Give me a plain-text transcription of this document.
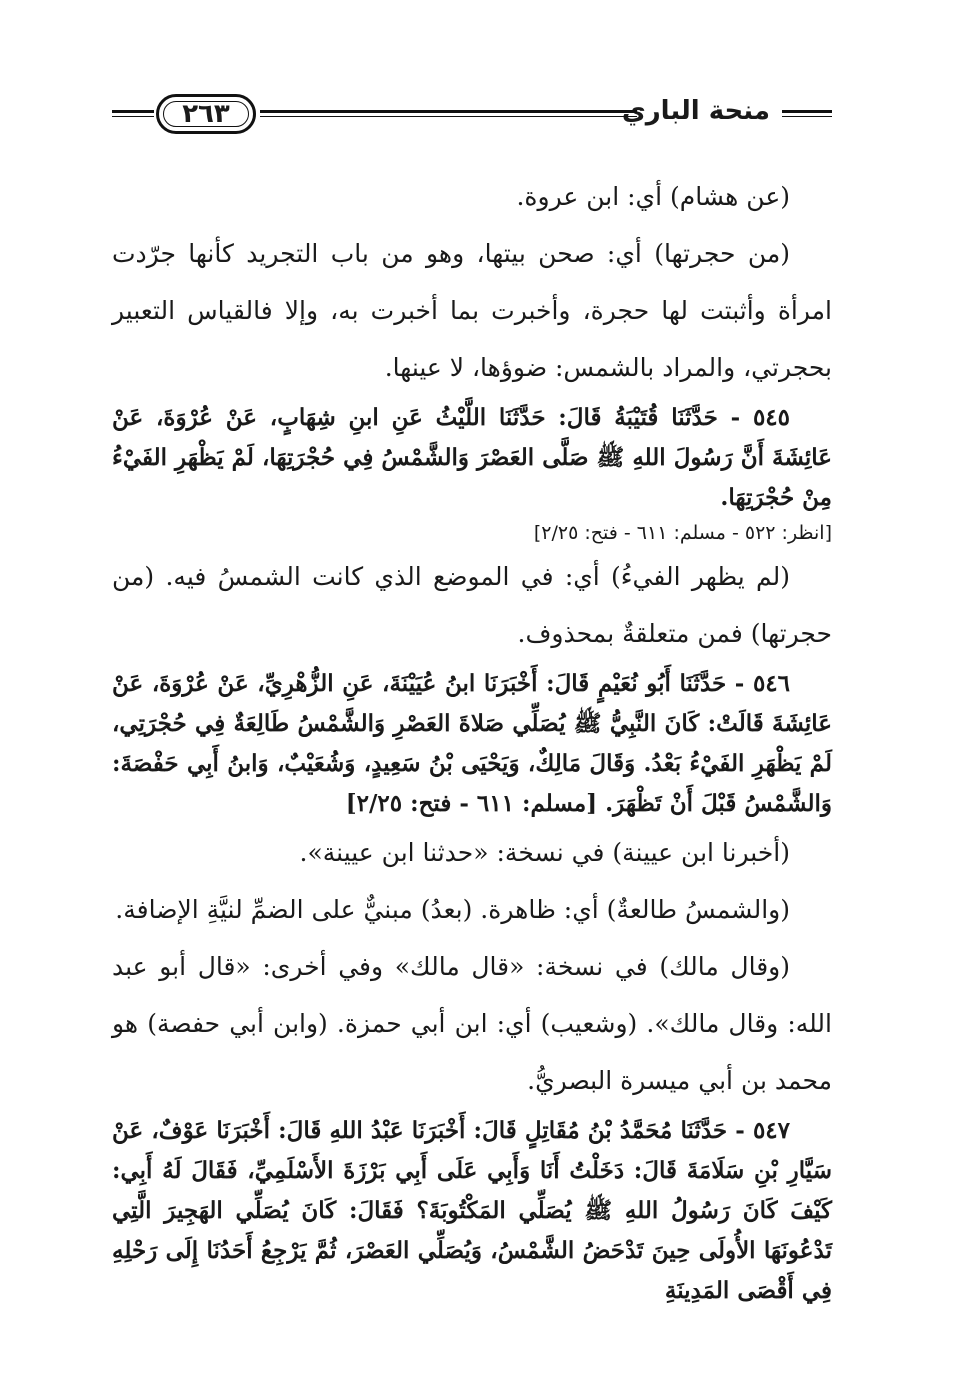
منحة الباري
٢٦٣

(عن هشام) أي: ابن عروة.

(من حجرتها) أي: صحن بيتها، وهو من باب التجريد كأنها جرّدت امرأة وأثبتت لها حجرة، وأخبرت بما أخبرت به، وإلا فالقياس التعبير بحجرتي، والمراد بالشمس: ضوؤها، لا عينها.

٥٤٥ - حَدَّثَنَا قُتَيْبَةُ قَالَ: حَدَّثَنَا اللَّيْثُ عَنِ ابنِ شِهَابٍ، عَنْ عُرْوَةَ، عَنْ عَائِشَةَ أَنَّ رَسُولَ اللهِ ﷺ صَلَّى العَصْرَ وَالشَّمْسُ فِي حُجْرَتِهَا، لَمْ يَظْهَرِ الفَيْءُ مِنْ حُجْرَتِهَا.
[انظر: ٥٢٢ - مسلم: ٦١١ - فتح: ٢/٢٥]

(لم يظهر الفيءُ) أي: في الموضع الذي كانت الشمسُ فيه. (من حجرتها) فمن متعلقةٌ بمحذوف.

٥٤٦ - حَدَّثَنَا أَبُو نُعَيْمٍ قَالَ: أَخْبَرَنَا ابنُ عُيَيْنَةَ، عَنِ الزُّهْرِيِّ، عَنْ عُرْوَةَ، عَنْ عَائِشَةَ قَالَتْ: كَانَ النَّبِيُّ ﷺ يُصَلِّي صَلاةَ العَصْرِ وَالشَّمْسُ طَالِعَةٌ فِي حُجْرَتِي، لَمْ يَظْهَرِ الفَيْءُ بَعْدُ. وَقَالَ مَالِكٌ، وَيَحْيَى بْنُ سَعِيدٍ، وَشُعَيْبٌ، وَابنُ أَبِي حَفْصَةَ: وَالشَّمْسُ قَبْلَ أَنْ تَظْهَرَ. [مسلم: ٦١١ - فتح: ٢/٢٥]

(أخبرنا ابن عيينة) في نسخة: «حدثنا ابن عيينة».

(والشمسُ طالعةٌ) أي: ظاهرة. (بعدُ) مبنيٌّ على الضمِّ لنيَّةِ الإضافة.

(وقال مالك) في نسخة: «قال مالك» وفي أخرى: «قال أبو عبد الله: وقال مالك». (وشعيب) أي: ابن أبي حمزة. (وابن أبي حفصة) هو محمد بن أبي ميسرة البصريُّ.

٥٤٧ - حَدَّثَنَا مُحَمَّدُ بْنُ مُقَاتِلٍ قَالَ: أَخْبَرَنَا عَبْدُ اللهِ قَالَ: أَخْبَرَنَا عَوْفٌ، عَنْ سَيَّارِ بْنِ سَلَامَةَ قَالَ: دَخَلْتُ أَنَا وَأَبِي عَلَى أَبِي بَرْزَةَ الأَسْلَمِيِّ، فَقَالَ لَهُ أَبِي: كَيْفَ كَانَ رَسُولُ اللهِ ﷺ يُصَلِّي المَكْتُوبَةَ؟ فَقَالَ: كَانَ يُصَلِّي الهَجِيرَ الَّتِي تَدْعُونَهَا الأُولَى حِينَ تَدْحَضُ الشَّمْسُ، وَيُصَلِّي العَصْرَ، ثُمَّ يَرْجِعُ أَحَدُنَا إِلَى رَحْلِهِ فِي أَقْصَى المَدِينَةِ
